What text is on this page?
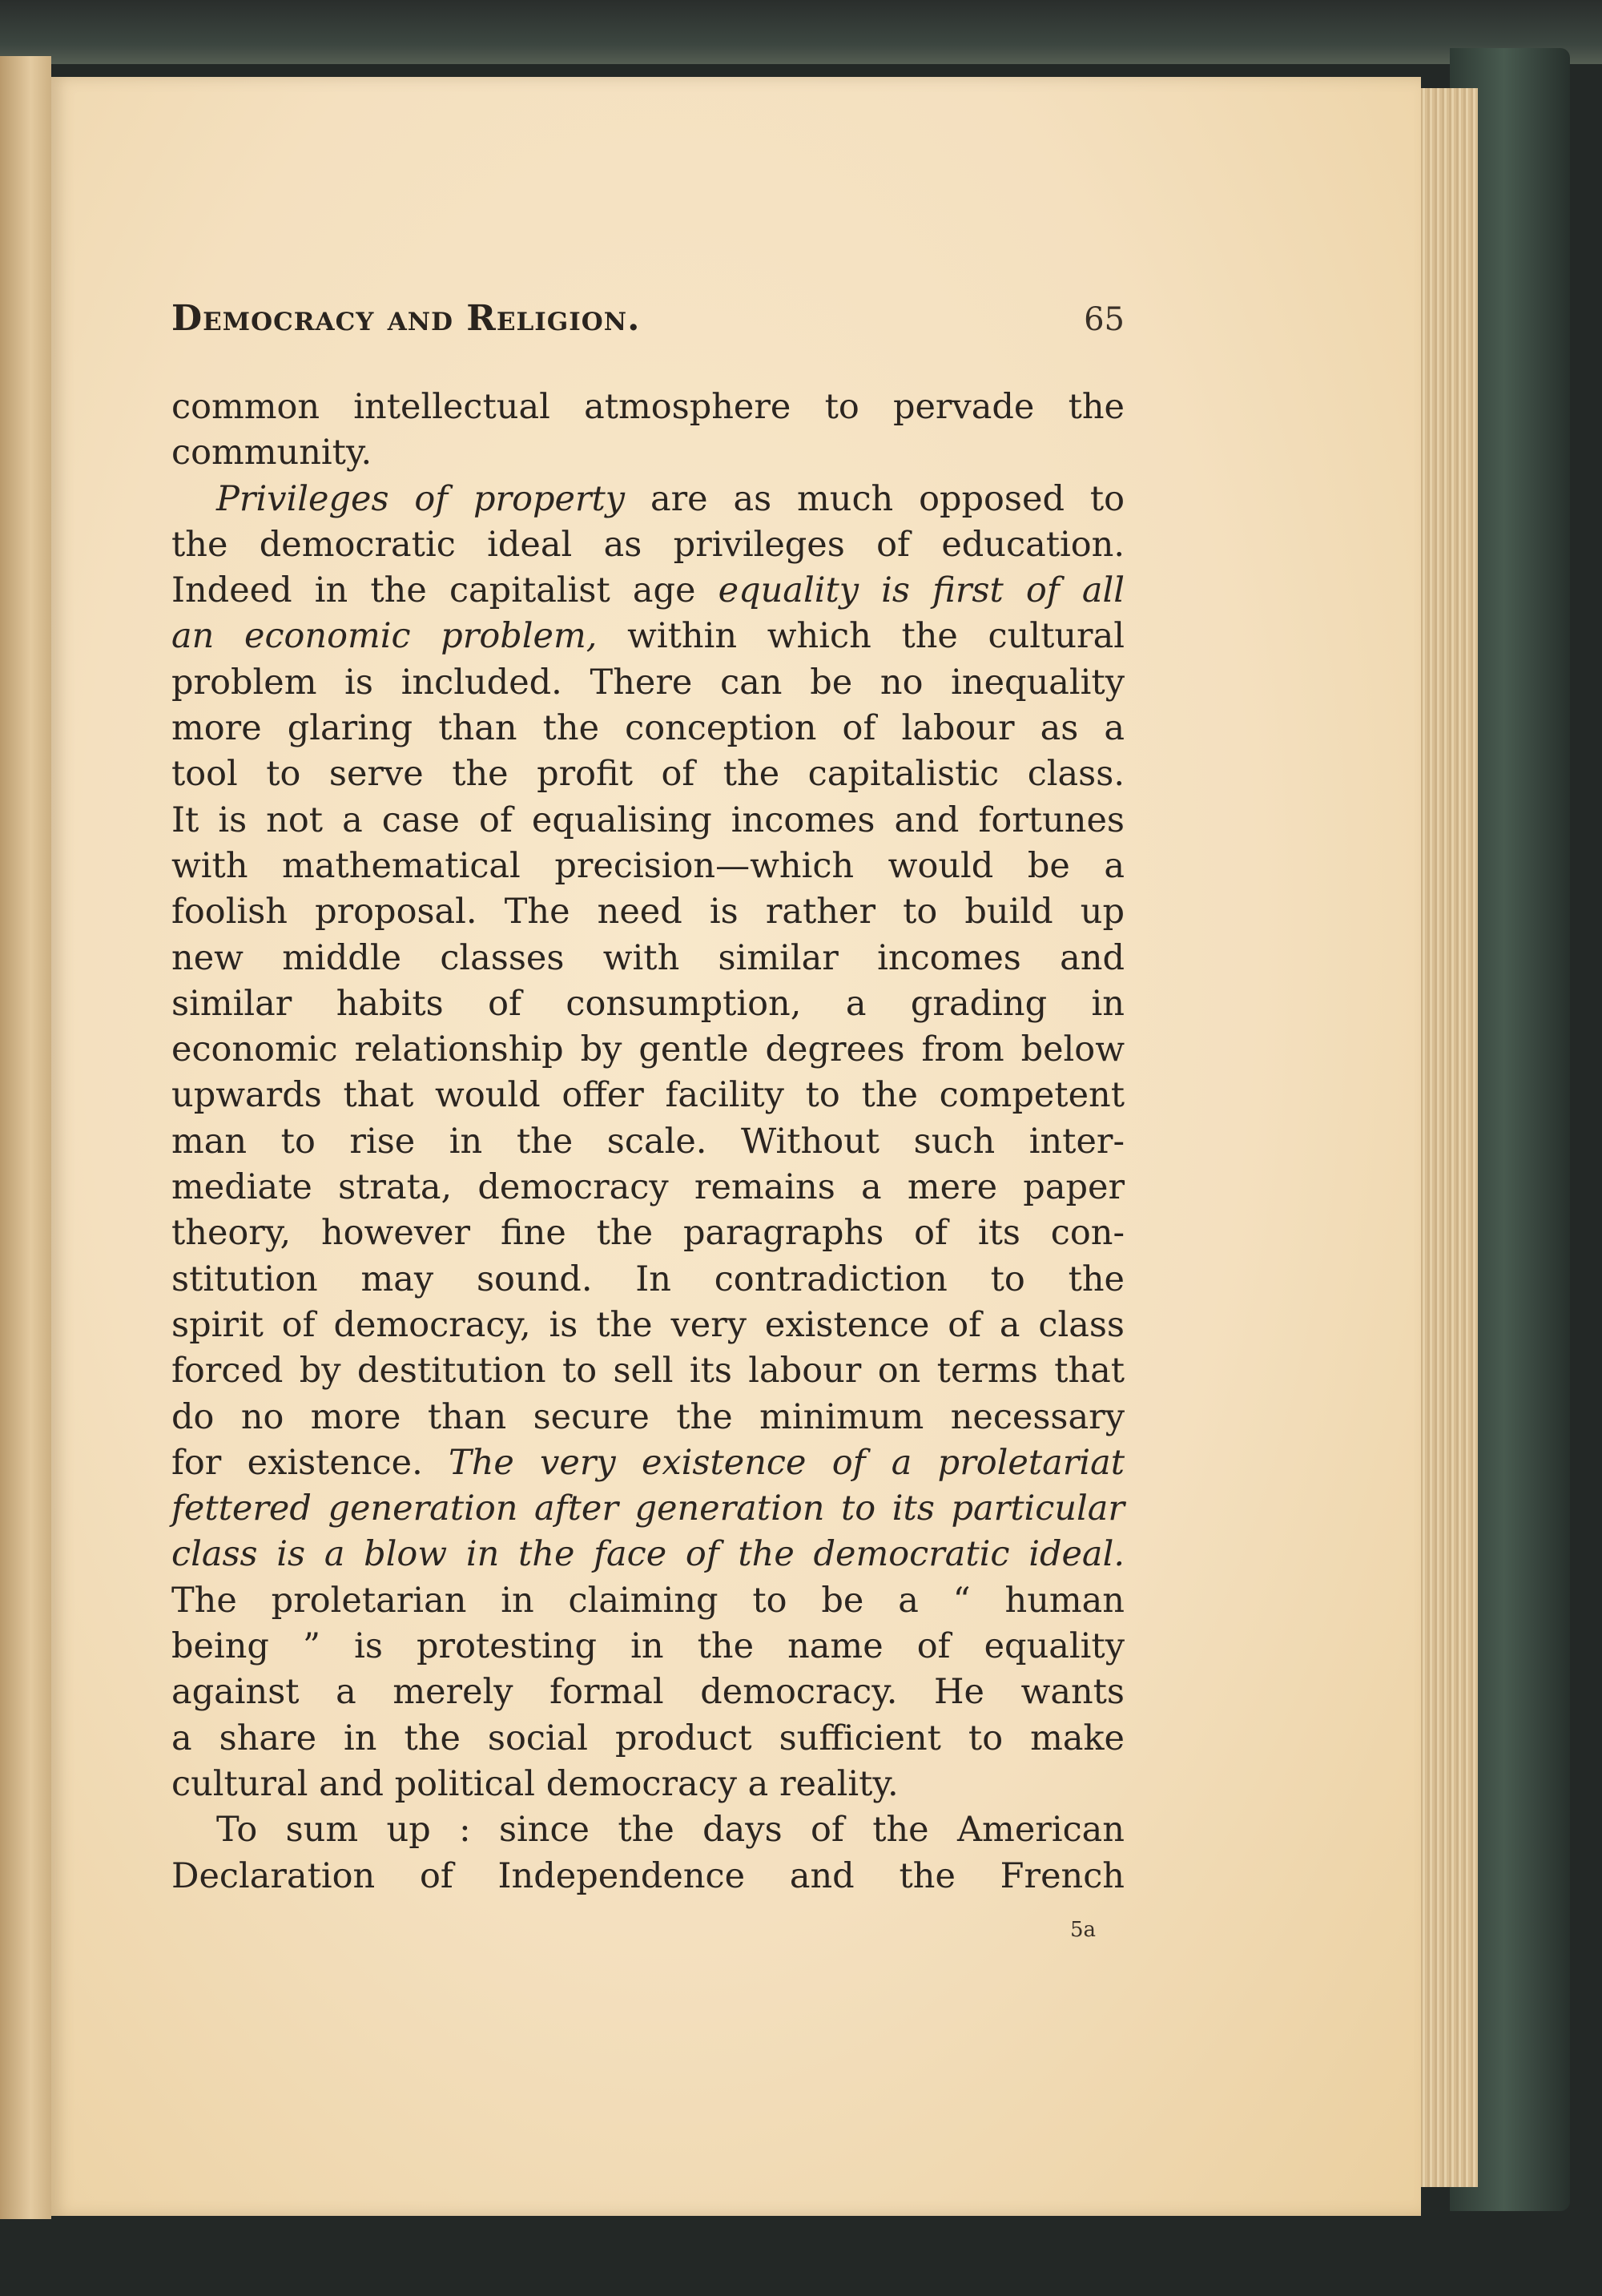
Democracy and Religion.	65
common intellectual atmosphere to pervade the
community.
Privileges of property are as much opposed to
the democratic ideal as privileges of education.
Indeed in the capitalist age equality is first of all
an economic problem, within which the cultural
problem is included. There can be no inequality
more glaring than the conception of labour as a
tool to serve the profit of the capitalistic class.
It is not a case of equalising incomes and fortunes
with mathematical precision—which would be a
foolish proposal. The need is rather to build up
new middle classes with similar incomes and
similar habits of consumption, a grading in
economic relationship by gentle degrees from below
upwards that would offer facility to the competent
man to rise in the scale. Without such inter-
mediate strata, democracy remains a mere paper
theory, however fine the paragraphs of its con-
stitution may sound. In contradiction to the
spirit of democracy, is the very existence of a class
forced by destitution to sell its labour on terms that
do no more than secure the minimum necessary
for existence. The very existence of a proletariat
fettered generation after generation to its particular
class is a blow in the face of the democratic ideal.
The proletarian in claiming to be a “ human
being ” is protesting in the name of equality
against a merely formal democracy. He wants
a share in the social product sufficient to make
cultural and political democracy a reality.
To sum up : since the days of the American
Declaration of Independence and the French
5a
